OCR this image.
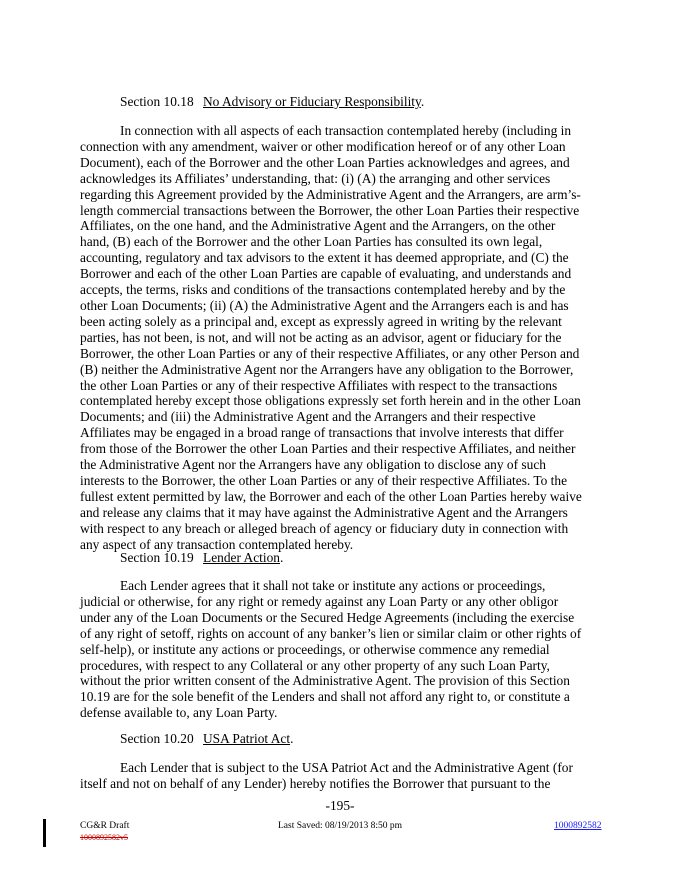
Section 10.18 No Advisory or Fiduciary Responsibility.
In connection with all aspects of each transaction contemplated hereby (including in
connection with any amendment, waiver or other modification hereof or of any other Loan
Document), each of the Borrower and the other Loan Parties acknowledges and agrees, and
acknowledges its Affiliates’ understanding, that: (i) (A) the arranging and other services
regarding this Agreement provided by the Administrative Agent and the Arrangers, are arm’s-
length commercial transactions between the Borrower, the other Loan Parties their respective
Affiliates, on the one hand, and the Administrative Agent and the Arrangers, on the other
hand, (B) each of the Borrower and the other Loan Parties has consulted its own legal,
accounting, regulatory and tax advisors to the extent it has deemed appropriate, and (C) the
Borrower and each of the other Loan Parties are capable of evaluating, and understands and
accepts, the terms, risks and conditions of the transactions contemplated hereby and by the
other Loan Documents; (ii) (A) the Administrative Agent and the Arrangers each is and has
been acting solely as a principal and, except as expressly agreed in writing by the relevant
parties, has not been, is not, and will not be acting as an advisor, agent or fiduciary for the
Borrower, the other Loan Parties or any of their respective Affiliates, or any other Person and
(B) neither the Administrative Agent nor the Arrangers have any obligation to the Borrower,
the other Loan Parties or any of their respective Affiliates with respect to the transactions
contemplated hereby except those obligations expressly set forth herein and in the other Loan
Documents; and (iii) the Administrative Agent and the Arrangers and their respective
Affiliates may be engaged in a broad range of transactions that involve interests that differ
from those of the Borrower the other Loan Parties and their respective Affiliates, and neither
the Administrative Agent nor the Arrangers have any obligation to disclose any of such
interests to the Borrower, the other Loan Parties or any of their respective Affiliates. To the
fullest extent permitted by law, the Borrower and each of the other Loan Parties hereby waive
and release any claims that it may have against the Administrative Agent and the Arrangers
with respect to any breach or alleged breach of agency or fiduciary duty in connection with
any aspect of any transaction contemplated hereby.
Section 10.19 Lender Action.
Each Lender agrees that it shall not take or institute any actions or proceedings,
judicial or otherwise, for any right or remedy against any Loan Party or any other obligor
under any of the Loan Documents or the Secured Hedge Agreements (including the exercise
of any right of setoff, rights on account of any banker’s lien or similar claim or other rights of
self-help), or institute any actions or proceedings, or otherwise commence any remedial
procedures, with respect to any Collateral or any other property of any such Loan Party,
without the prior written consent of the Administrative Agent. The provision of this Section
10.19 are for the sole benefit of the Lenders and shall not afford any right to, or constitute a
defense available to, any Loan Party.
Section 10.20 USA Patriot Act.
Each Lender that is subject to the USA Patriot Act and the Administrative Agent (for
itself and not on behalf of any Lender) hereby notifies the Borrower that pursuant to the
-195-
CG&R Draft
1000892582v5
Last Saved: 08/19/2013 8:50 pm	1000892582
